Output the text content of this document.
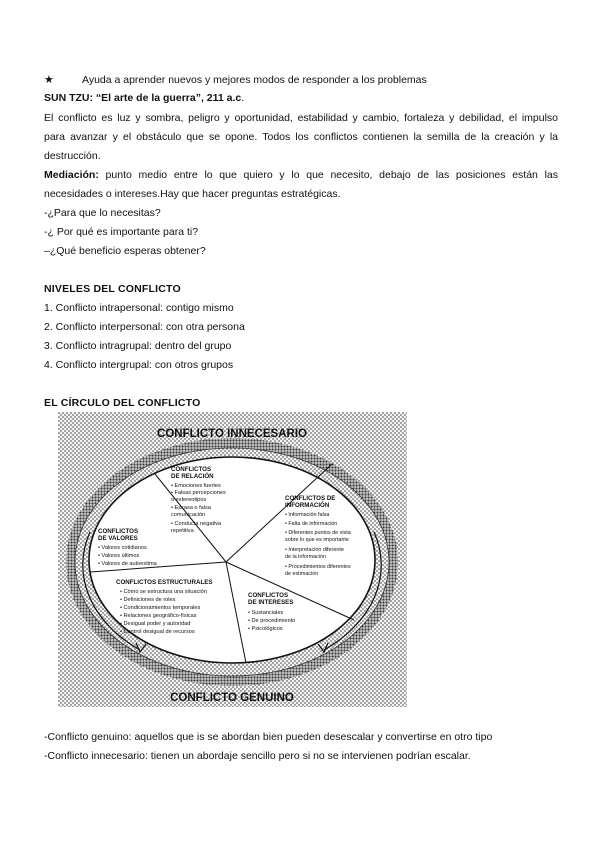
★	Ayuda a aprender nuevos y mejores modos de responder a los problemas
SUN TZU: “El arte de la guerra”, 211 a.c.
El conflicto es luz y sombra, peligro y oportunidad, estabilidad y cambio, fortaleza y debilidad, el impulso
para avanzar y el obstáculo que se opone. Todos los conflictos contienen la semilla de la creación y la
destrucción.
Mediación: punto medio entre lo que quiero y lo que necesito, debajo de las posiciones están las
necesidades o intereses.Hay que hacer preguntas estratégicas.
-¿Para que lo necesitas?
-¿ Por qué es importante para ti?
–¿Qué beneficio esperas obtener?
NIVELES DEL CONFLICTO
1. Conflicto intrapersonal: contigo mismo
2. Conflicto interpersonal: con otra persona
3. Conflicto intragrupal: dentro del grupo
4. Conflicto intergrupal: con otros grupos
EL CÍRCULO DEL CONFLICTO
CONFLICTO INNECESARIO
CONFLICTO GENUINO
CONFLICTOS
DE RELACIÓN
• Emociones fuertes
• Falsas percepciones
o estereotipos
• Escasa o falsa
comunicación
• Conducta negativa
repetitiva
CONFLICTOS DE
INFORMACIÓN
• Información falsa
• Falta de información
• Diferentes puntos de vista
sobre lo que es importante
• Interpretación diferente
de la información
• Procedimientos diferentes
de estimación
CONFLICTOS
DE VALORES
• Valores cotidianos
• Valores últimos
• Valores de autoestima
CONFLICTOS ESTRUCTURALES
• Cómo se estructura una situación
• Definiciones de roles
• Condicionamientos temporales
• Relaciones geográfico-físicas
• Desigual poder y autoridad
• Control desigual de recursos
CONFLICTOS
DE INTERESES
• Sustanciales
• De procedimiento
• Psicológicos
-Conflicto genuino: aquellos que is se abordan bien pueden desescalar y convertirse en otro tipo
-Conflicto innecesario: tienen un abordaje sencillo pero si no se intervienen podrían escalar.
